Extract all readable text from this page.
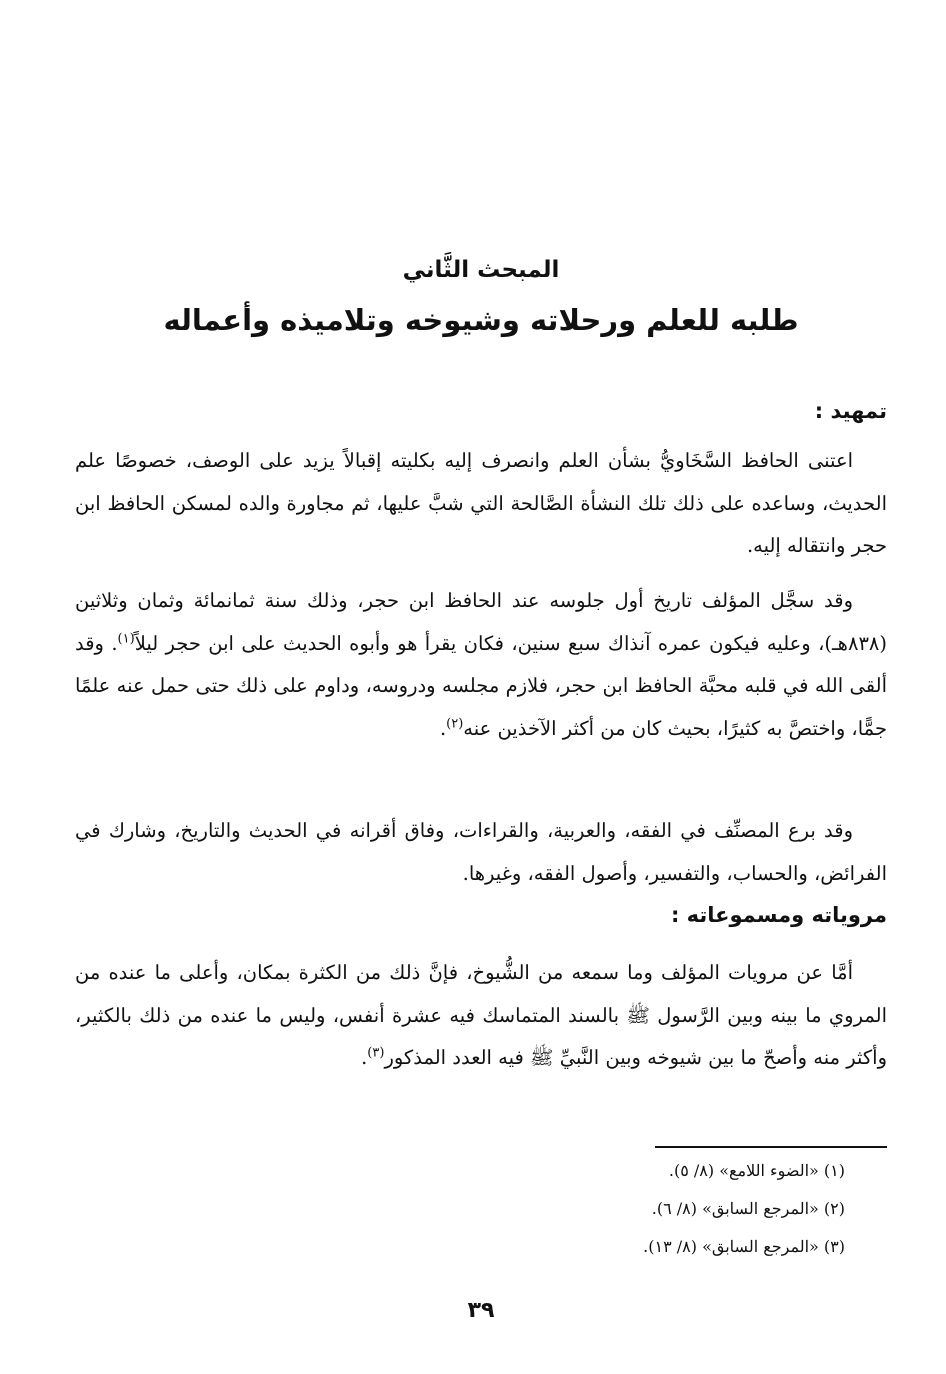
المبحث الثَّاني
طلبه للعلم ورحلاته وشيوخه وتلاميذه وأعماله
تمهيد :

اعتنى الحافظ السَّخَاويُّ بشأن العلم وانصرف إليه بكليته إقبالاً يزيد على الوصف، خصوصًا علم الحديث، وساعده على ذلك تلك النشأة الصَّالحة التي شبَّ عليها، ثم مجاورة والده لمسكن الحافظ ابن حجر وانتقاله إليه.

وقد سجَّل المؤلف تاريخ أول جلوسه عند الحافظ ابن حجر، وذلك سنة ثمانمائة وثمان وثلاثين (٨٣٨هـ)، وعليه فيكون عمره آنذاك سبع سنين، فكان يقرأ هو وأبوه الحديث على ابن حجر ليلاً$^{(١)}$. وقد ألقى الله في قلبه محبَّة الحافظ ابن حجر، فلازم مجلسه ودروسه، وداوم على ذلك حتى حمل عنه علمًا جمًّا، واختصَّ به كثيرًا، بحيث كان من أكثر الآخذين عنه$^{(٢)}$.

وقد برع المصنِّف في الفقه، والعربية، والقراءات، وفاق أقرانه في الحديث والتاريخ، وشارك في الفرائض، والحساب، والتفسير، وأصول الفقه، وغيرها.

مروياته ومسموعاته :

أمَّا عن مرويات المؤلف وما سمعه من الشُّيوخ، فإنَّ ذلك من الكثرة بمكان، وأعلى ما عنده من المروي ما بينه وبين الرَّسول ﷺ بالسند المتماسك فيه عشرة أنفس، وليس ما عنده من ذلك بالكثير، وأكثر منه وأصحّ ما بين شيوخه وبين النَّبيِّ ﷺ فيه العدد المذكور$^{(٣)}$.

(١) «الضوء اللامع» (٨/ ٥).
(٢) «المرجع السابق» (٨/ ٦).
(٣) «المرجع السابق» (٨/ ١٣).
٣٩
